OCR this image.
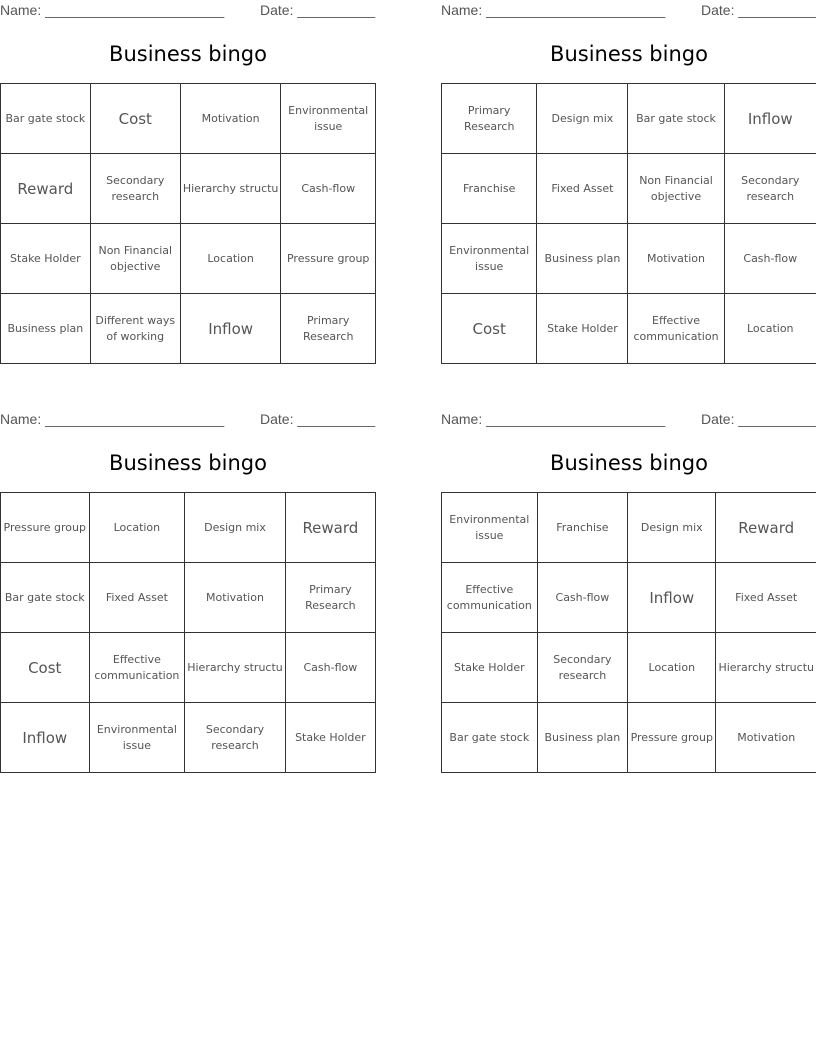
Name: _______________________	Date: __________
Business bingo
Bar gate stock	Cost	Motivation	Environmental issue
Reward	Secondary research	Hierarchy structu	Cash-flow
Stake Holder	Non Financial objective	Location	Pressure group
Business plan	Different ways of working	Inflow	Primary Research
Name: _______________________	Date: __________
Business bingo
Primary Research	Design mix	Bar gate stock	Inflow
Franchise	Fixed Asset	Non Financial objective	Secondary research
Environmental issue	Business plan	Motivation	Cash-flow
Cost	Stake Holder	Effective communication	Location
Name: _______________________	Date: __________
Business bingo
Pressure group	Location	Design mix	Reward
Bar gate stock	Fixed Asset	Motivation	Primary Research
Cost	Effective communication	Hierarchy structu	Cash-flow
Inflow	Environmental issue	Secondary research	Stake Holder
Name: _______________________	Date: __________
Business bingo
Environmental issue	Franchise	Design mix	Reward
Effective communication	Cash-flow	Inflow	Fixed Asset
Stake Holder	Secondary research	Location	Hierarchy structu
Bar gate stock	Business plan	Pressure group	Motivation
